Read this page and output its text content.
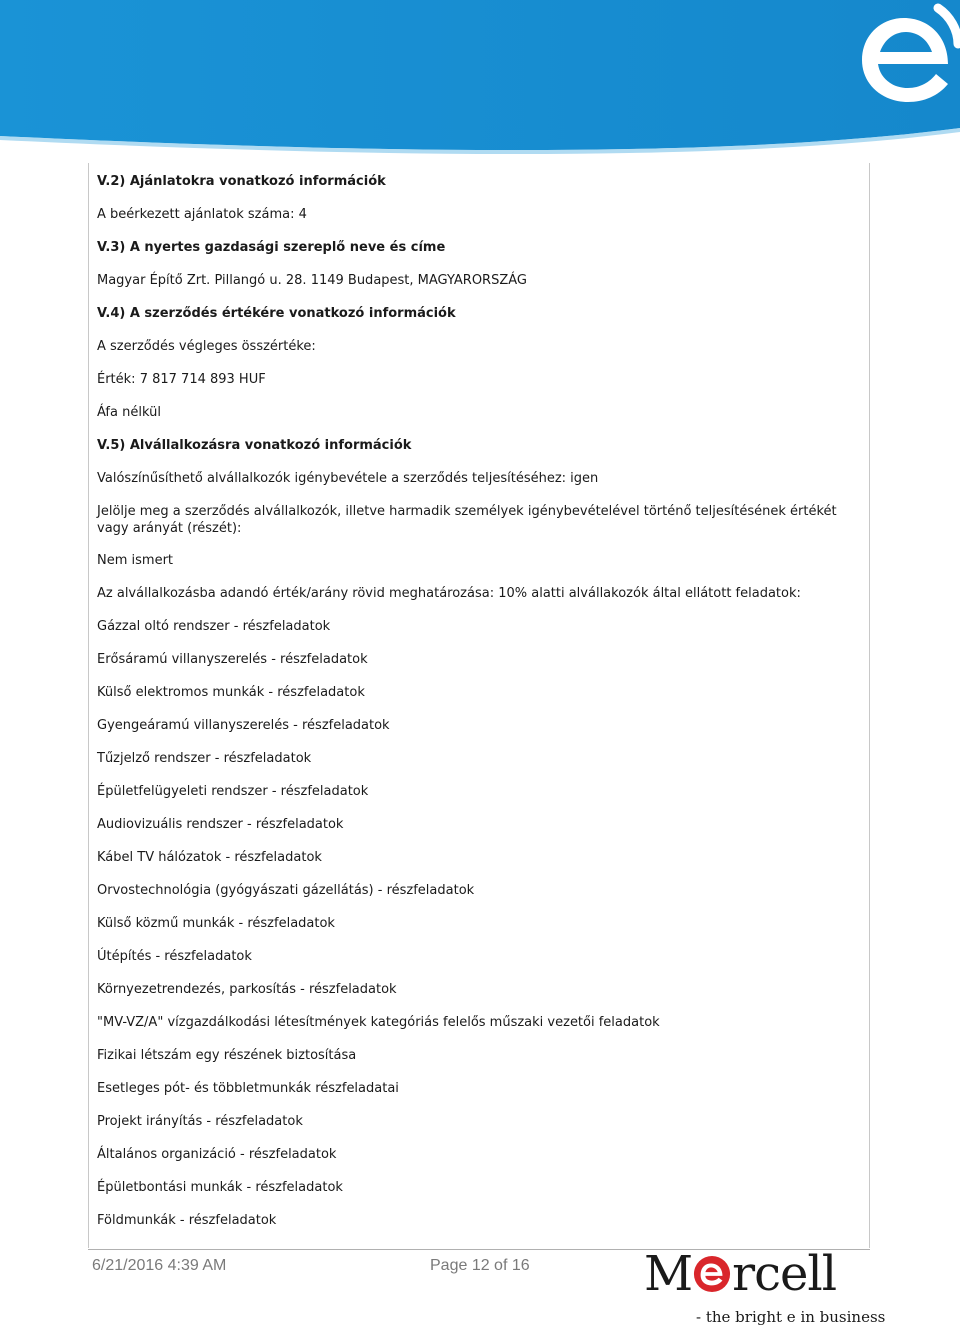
V.2) Ajánlatokra vonatkozó információk
A beérkezett ajánlatok száma: 4
V.3) A nyertes gazdasági szereplő neve és címe
Magyar Építő Zrt. Pillangó u. 28. 1149 Budapest, MAGYARORSZÁG
V.4) A szerződés értékére vonatkozó információk
A szerződés végleges összértéke:
Érték: 7 817 714 893 HUF
Áfa nélkül
V.5) Alvállalkozásra vonatkozó információk
Valószínűsíthető alvállalkozók igénybevétele a szerződés teljesítéséhez: igen
Jelölje meg a szerződés alvállalkozók, illetve harmadik személyek igénybevételével történő teljesítésének értékét vagy arányát (részét):
Nem ismert
Az alvállalkozásba adandó érték/arány rövid meghatározása: 10% alatti alvállakozók által ellátott feladatok:
Gázzal oltó rendszer - részfeladatok
Erősáramú villanyszerelés - részfeladatok
Külső elektromos munkák - részfeladatok
Gyengeáramú villanyszerelés - részfeladatok
Tűzjelző rendszer - részfeladatok
Épületfelügyeleti rendszer - részfeladatok
Audiovizuális rendszer - részfeladatok
Kábel TV hálózatok - részfeladatok
Orvostechnológia (gyógyászati gázellátás) - részfeladatok
Külső közmű munkák - részfeladatok
Útépítés - részfeladatok
Környezetrendezés, parkosítás - részfeladatok
"MV-VZ/A" vízgazdálkodási létesítmények kategóriás felelős műszaki vezetői feladatok
Fizikai létszám egy részének biztosítása
Esetleges pót- és többletmunkák részfeladatai
Projekt irányítás - részfeladatok
Általános organizáció - részfeladatok
Épületbontási munkák - részfeladatok
Földmunkák - részfeladatok
6/21/2016 4:39 AM	Page 12 of 16 M rcell
- the bright e in business
